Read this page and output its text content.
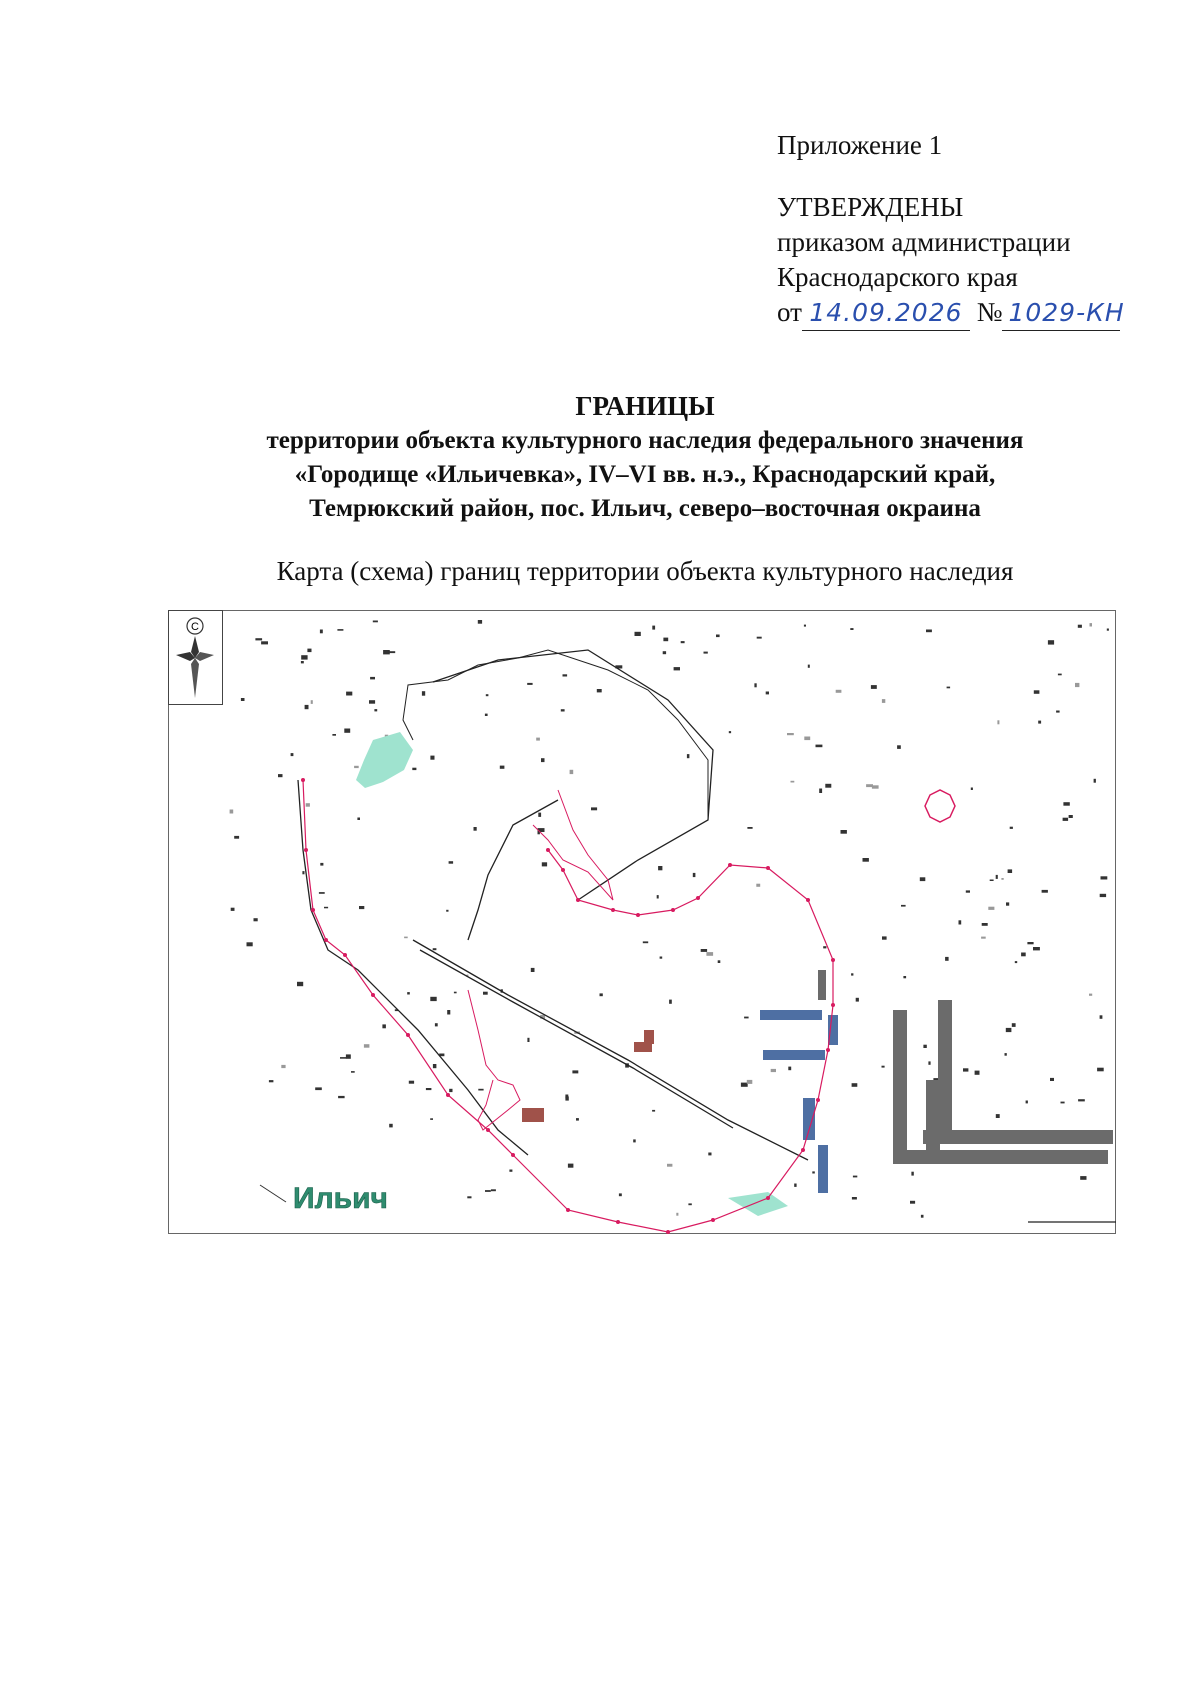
Приложение 1
УТВЕРЖДЕНЫ
приказом администрации
Краснодарского края
от 14.09.2026 № 1029-КН
ГРАНИЦЫ
территории объекта культурного наследия федерального значения
«Городище «Ильичевка», IV–VI вв. н.э., Краснодарский край,
Темрюкский район, пос. Ильич, северо–восточная окраина
Карта (схема) границ территории объекта культурного наследия
С
Ильич
